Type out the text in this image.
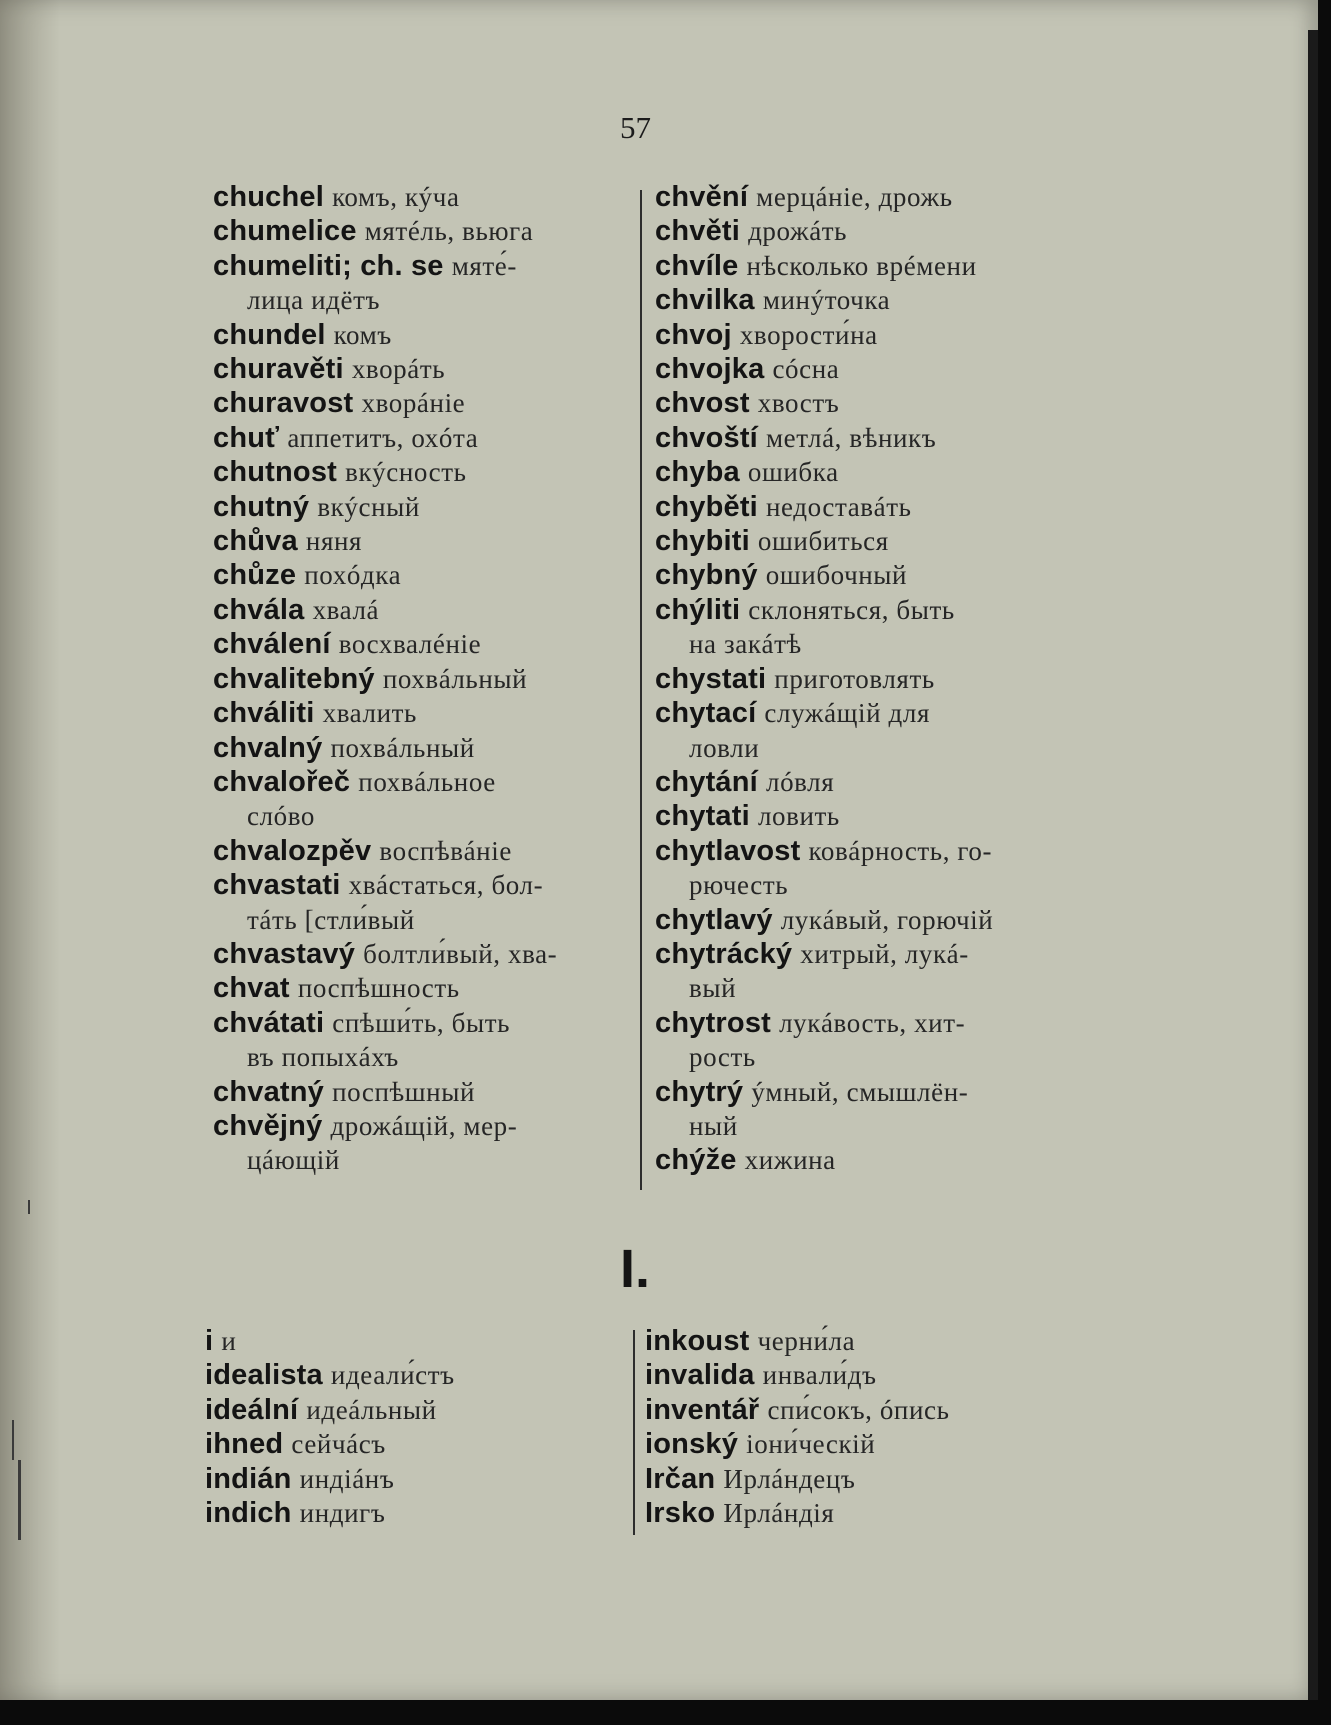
57
chuchel комъ, кýча
chumelice мятéль, вьюга
chumeliti; ch. se мяте́-
лица идётъ
chundel комъ
churavěti хворáть
churavost хворáніе
chuť аппетитъ, охóта
chutnost вкýсность
chutný вкýсный
chůva няня
chůze похóдка
chvála хвалá
chválení восхвалéніе
chvalitebný похвáльный
chváliti хвалить
chvalný похвáльный
chvalořeč похвáльное
слóво
chvalozpěv воспѣвáніе
chvastati хвáстаться, бол-
тáть [стли́вый
chvastavý болтли́вый, хва-
chvat поспѣшность
chvátati спѣши́ть, быть
въ попыхáхъ
chvatný поспѣшный
chvějný дрожáщій, мер-
цáющій
chvění мерцáніе, дрожь
chvěti дрожáть
chvíle нѣсколько врéмени
chvilka минýточка
chvoj хворости́на
chvojka сóсна
chvost хвостъ
chvoští метлá, вѣникъ
chyba ошибка
chyběti недоставáть
chybiti ошибиться
chybný ошибочный
chýliti склоняться, быть
на закáтѣ
chystati приготовлять
chytací служáщій для
ловли
chytání лóвля
chytati ловить
chytlavost ковáрность, го-
рючесть
chytlavý лукáвый, горючій
chytrácký хитрый, лукá-
вый
chytrost лукáвость, хит-
рость
chytrý ýмный, смышлён-
ный
chýže хижина
I.
i и
idealista идеали́стъ
ideální идеáльный
ihned сейчáсъ
indián индіáнъ
indich индигъ
inkoust черни́ла
invalida инвали́дъ
inventář спи́сокъ, óпись
ionský іони́ческій
Irčan Ирлáндецъ
Irsko Ирлáндія
